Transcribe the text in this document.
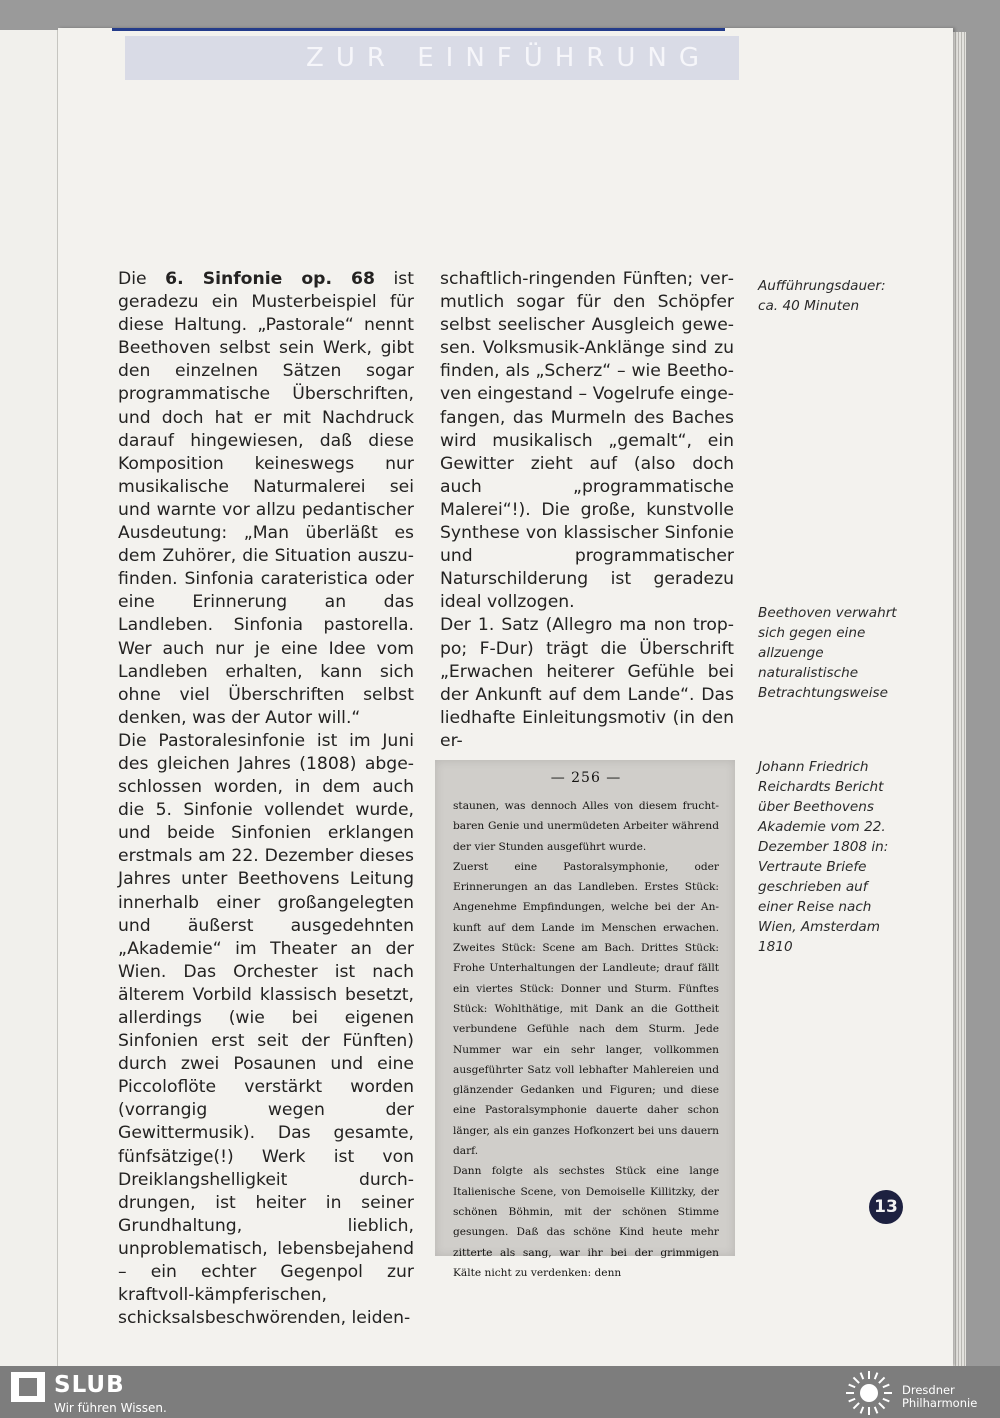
ZUR EINFÜHRUNG

Die 6. Sinfonie op. 68 ist geradezu ein Musterbeispiel für diese Haltung. „Pastorale“ nennt Beethoven selbst sein Werk, gibt den einzelnen Sätzen sogar programmatische Überschriften, und doch hat er mit Nachdruck darauf hingewiesen, daß diese Komposition keineswegs nur musikalische Naturmalerei sei und warnte vor allzu pedantischer Ausdeutung: „Man überläßt es dem Zuhörer, die Situation auszufinden. Sinfonia carateristica oder eine Erinnerung an das Landleben. Sinfonia pastorella. Wer auch nur je eine Idee vom Landleben erhalten, kann sich ohne viel Überschriften selbst denken, was der Autor will.“

Die Pastoralesinfonie ist im Juni des gleichen Jahres (1808) abgeschlossen worden, in dem auch die 5. Sinfonie vollendet wurde, und beide Sinfonien erklangen erstmals am 22. Dezember dieses Jahres unter Beethovens Leitung innerhalb einer großangelegten und äußerst ausgedehnten „Akademie“ im Theater an der Wien. Das Orchester ist nach älterem Vorbild klassisch besetzt, allerdings (wie bei eigenen Sinfonien erst seit der Fünften) durch zwei Posaunen und eine Piccoloflöte verstärkt worden (vorrangig wegen der Gewittermusik). Das gesamte, fünfsätzige(!) Werk ist von Dreiklangshelligkeit durchdrungen, ist heiter in seiner Grundhaltung, lieblich, unproblematisch, lebensbejahend – ein echter Gegenpol zur kraftvoll-kämpferischen, schicksalsbeschwörenden, leiden-

schaftlich-ringenden Fünften; vermutlich sogar für den Schöpfer selbst seelischer Ausgleich gewesen. Volksmusik-Anklänge sind zu finden, als „Scherz“ – wie Beethoven eingestand – Vogelrufe eingefangen, das Murmeln des Baches wird musikalisch „gemalt“, ein Gewitter zieht auf (also doch auch „programmatische Malerei“!). Die große, kunstvolle Synthese von klassischer Sinfonie und programmatischer Naturschilderung ist geradezu ideal vollzogen.

Der 1. Satz (Allegro ma non troppo; F-Dur) trägt die Überschrift „Erwachen heiterer Gefühle bei der Ankunft auf dem Lande“. Das liedhafte Einleitungsmotiv (in den er-

Aufführungsdauer: ca. 40 Minuten
Beethoven verwahrt sich gegen eine allzuenge naturalistische Betrachtungsweise
Johann Friedrich Reichardts Bericht über Beethovens Akademie vom 22. Dezember 1808 in: Vertraute Briefe geschrieben auf einer Reise nach Wien, Amsterdam 1810
— 256 —

staunen, was dennoch Alles von diesem fruchtbaren Genie und unermüdeten Arbeiter während der vier Stunden ausgeführt wurde.

Zuerst eine Pastoralsymphonie, oder Erinnerungen an das Landleben. Erstes Stück: Angenehme Empfindungen, welche bei der Ankunft auf dem Lande im Menschen erwachen. Zweites Stück: Scene am Bach. Drittes Stück: Frohe Unterhaltungen der Landleute; drauf fällt ein viertes Stück: Donner und Sturm. Fünftes Stück: Wohlthätige, mit Dank an die Gottheit verbundene Gefühle nach dem Sturm. Jede Nummer war ein sehr langer, vollkommen ausgeführter Satz voll lebhafter Mahlereien und glänzender Gedanken und Figuren; und diese eine Pastoralsymphonie dauerte daher schon länger, als ein ganzes Hofkonzert bei uns dauern darf.

Dann folgte als sechstes Stück eine lange Italienische Scene, von Demoiselle Killitzky, der schönen Böhmin, mit der schönen Stimme gesungen. Daß das schöne Kind heute mehr zitterte als sang, war ihr bei der grimmigen Kälte nicht zu verdenken: denn

13
SLUB
Wir führen Wissen.
Dresdner
Philharmonie
